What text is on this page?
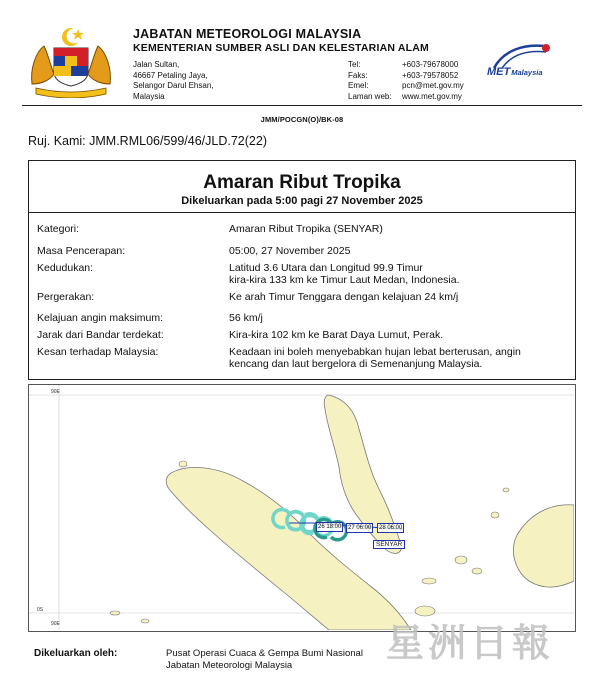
JABATAN METEOROLOGI MALAYSIA
KEMENTERIAN SUMBER ASLI DAN KELESTARIAN ALAM
Jalan Sultan,
46667 Petaling Jaya,
Selangor Darul Ehsan,
Malaysia
Tel:	+603-79678000
Faks:	+603-79578052
Emel:	pcn@met.gov.my
Laman web:	www.met.gov.my
METMalaysia
JMM/POCGN(O)/BK-08
Ruj. Kami: JMM.RML06/599/46/JLD.72(22)
Amaran Ribut Tropika
Dikeluarkan pada 5:00 pagi 27 November 2025
Kategori:	Amaran Ribut Tropika (SENYAR)
Masa Pencerapan:	05:00, 27 November 2025
Kedudukan:	Latitud 3.6 Utara dan Longitud 99.9 Timur
kira-kira 133 km ke Timur Laut Medan, Indonesia.
Pergerakan:	Ke arah Timur Tenggara dengan kelajuan 24 km/j
Kelajuan angin maksimum:	56 km/j
Jarak dari Bandar terdekat:	Kira-kira 102 km ke Barat Daya Lumut, Perak.
Kesan terhadap Malaysia:	Keadaan ini boleh menyebabkan hujan lebat berterusan, angin
kencang dan laut bergelora di Semenanjung Malaysia.
26 18:00	27 06:00	28 06:00
SENYAR
90E
0S
90E
Dikeluarkan oleh:	Pusat Operasi Cuaca & Gempa Bumi Nasional
Jabatan Meteorologi Malaysia
星洲日報
